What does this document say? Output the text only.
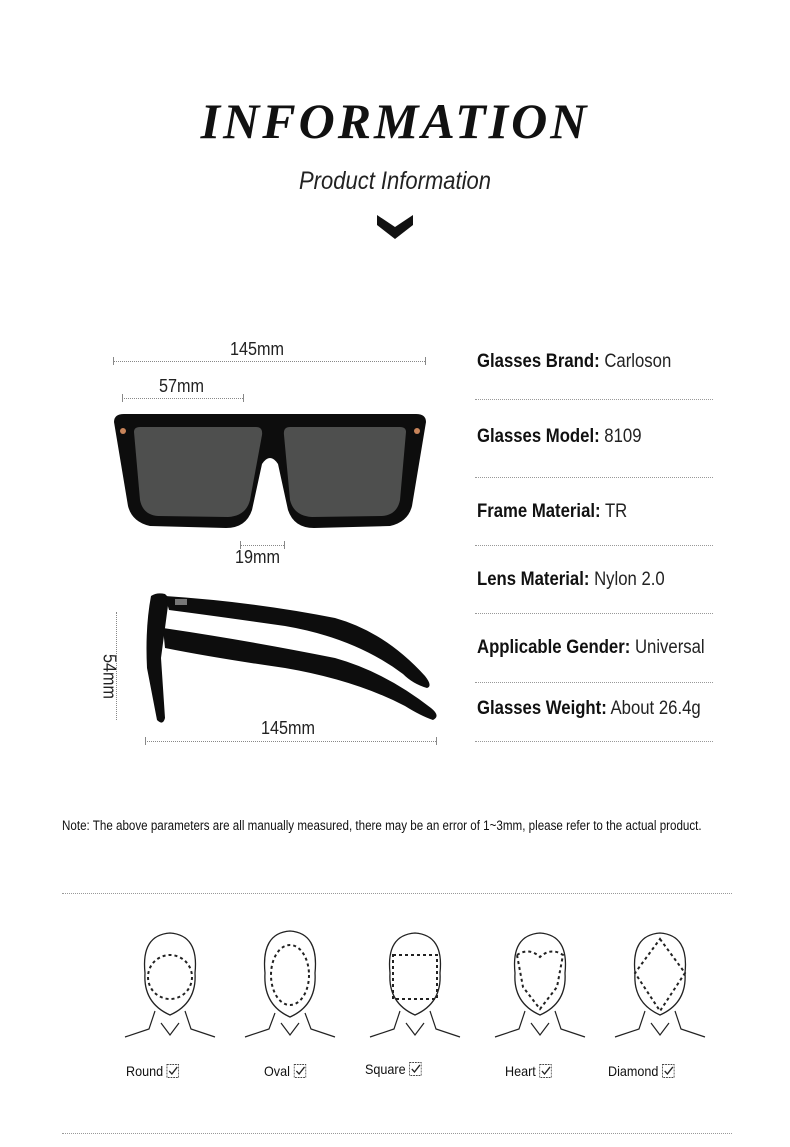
INFORMATION
Product Information
145mm
57mm
19mm
54mm
145mm
Glasses Brand: Carloson
Glasses Model: 8109
Frame Material: TR
Lens Material: Nylon 2.0
Applicable Gender: Universal
Glasses Weight: About 26.4g
Note: The above parameters are all manually measured, there may be an error of 1~3mm, please refer to the actual product.
Round	Oval	Square	Heart	Diamond
